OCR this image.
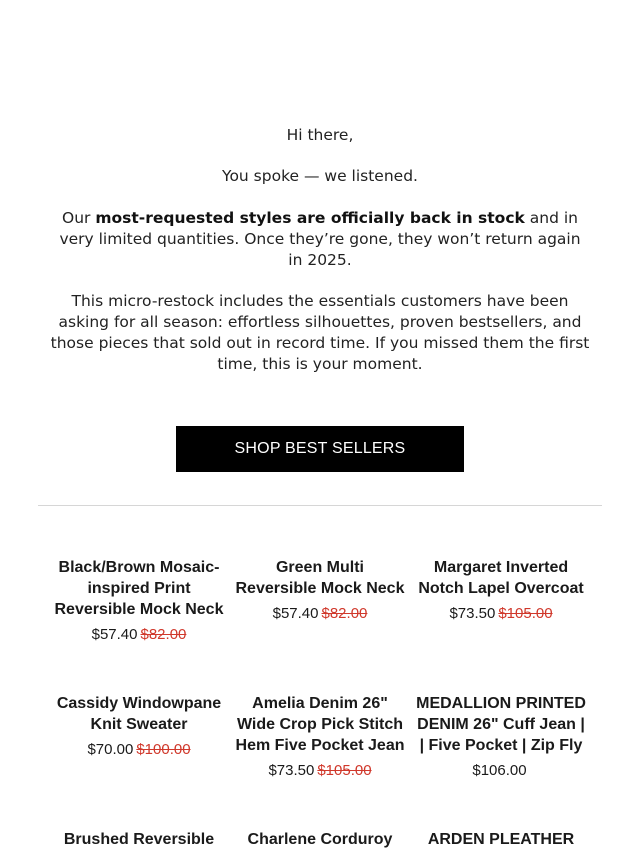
Hi there,

You spoke — we listened.

Our most-requested styles are officially back in stock and in very limited quantities. Once they’re gone, they won’t return again in 2025.

This micro-restock includes the essentials customers have been asking for all season: effortless silhouettes, proven bestsellers, and those pieces that sold out in record time. If you missed them the first time, this is your moment.

SHOP BEST SELLERS

Black/Brown Mosaic-inspired Print Reversible Mock Neck

$57.40 $82.00

Green Multi Reversible Mock Neck

$57.40 $82.00

Margaret Inverted Notch Lapel Overcoat

$73.50 $105.00

Cassidy Windowpane Knit Sweater

$70.00 $100.00

Amelia Denim 26" Wide Crop Pick Stitch Hem Five Pocket Jean

$73.50 $105.00

MEDALLION PRINTED DENIM 26" Cuff Jean | | Five Pocket | Zip Fly

$106.00

Brushed Reversible	Charlene Corduroy	ARDEN PLEATHER
